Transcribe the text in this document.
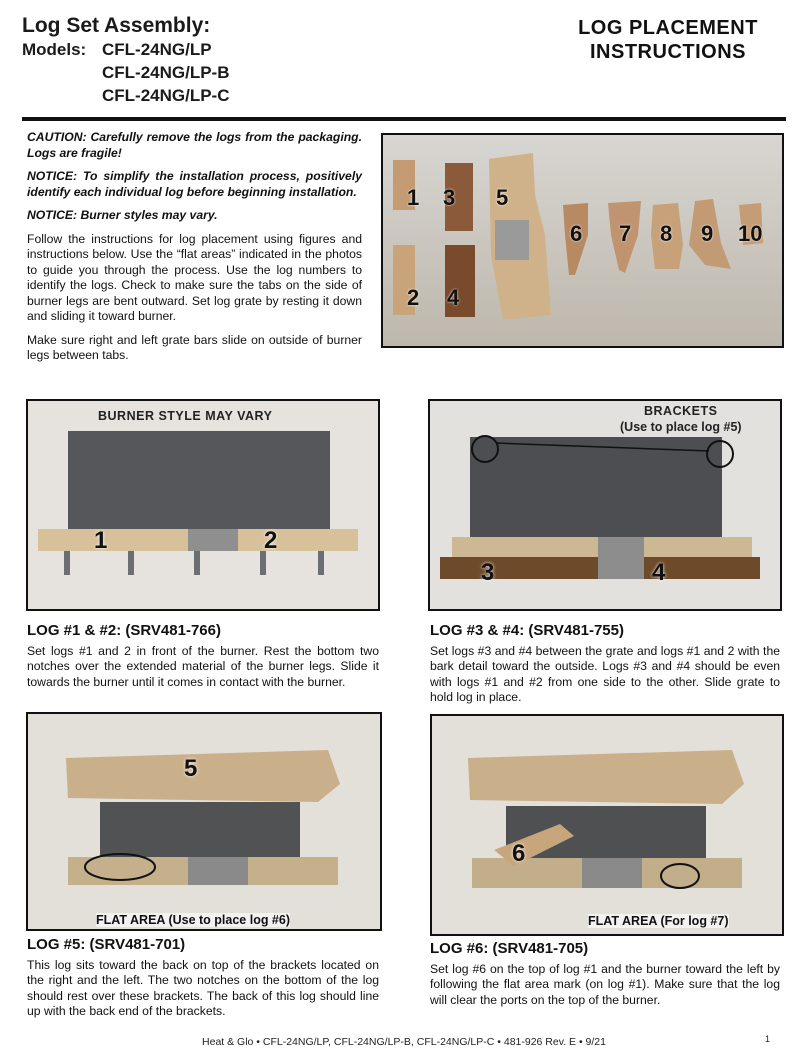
Log Set Assembly:
Models: CFL-24NG/LP
CFL-24NG/LP-B
CFL-24NG/LP-C
LOG PLACEMENT
INSTRUCTIONS

CAUTION: Carefully remove the logs from the packaging. Logs are fragile!

NOTICE: To simplify the installation process, positively identify each individual log before beginning installation.

NOTICE: Burner styles may vary.

Follow the instructions for log placement using figures and instructions below. Use the “flat areas” indicated in the photos to guide you through the process. Use the log numbers to identify the logs. Check to make sure the tabs on the side of burner legs are bent outward. Set log grate by resting it down and sliding it toward burner.

Make sure right and left grate bars slide on outside of burner legs between tabs.

1 3 5
2 4
6 7 8 9 10
BURNER STYLE MAY VARY
1	2
BRACKETS
(Use to place log #5)
3	4
LOG #1 & #2: (SRV481-766)
Set logs #1 and 2 in front of the burner. Rest the bottom two notches over the extended material of the burner legs. Slide it towards the burner until it comes in contact with the burner.
LOG #3 & #4: (SRV481-755)
Set logs #3 and #4 between the grate and logs #1 and 2 with the bark detail toward the outside. Logs #3 and #4 should be even with logs #1 and #2 from one side to the other. Slide grate to hold log in place.
5
FLAT AREA (Use to place log #6)
6
FLAT AREA (For log #7)
LOG #5: (SRV481-701)
This log sits toward the back on top of the brackets located on the right and the left. The two notches on the bottom of the log should rest over these brackets. The back of this log should line up with the back end of the brackets.
LOG #6: (SRV481-705)
Set log #6 on the top of log #1 and the burner toward the left by following the flat area mark (on log #1). Make sure that the log will clear the ports on the top of the burner.
Heat & Glo • CFL-24NG/LP, CFL-24NG/LP-B, CFL-24NG/LP-C • 481-926 Rev. E • 9/21	1
